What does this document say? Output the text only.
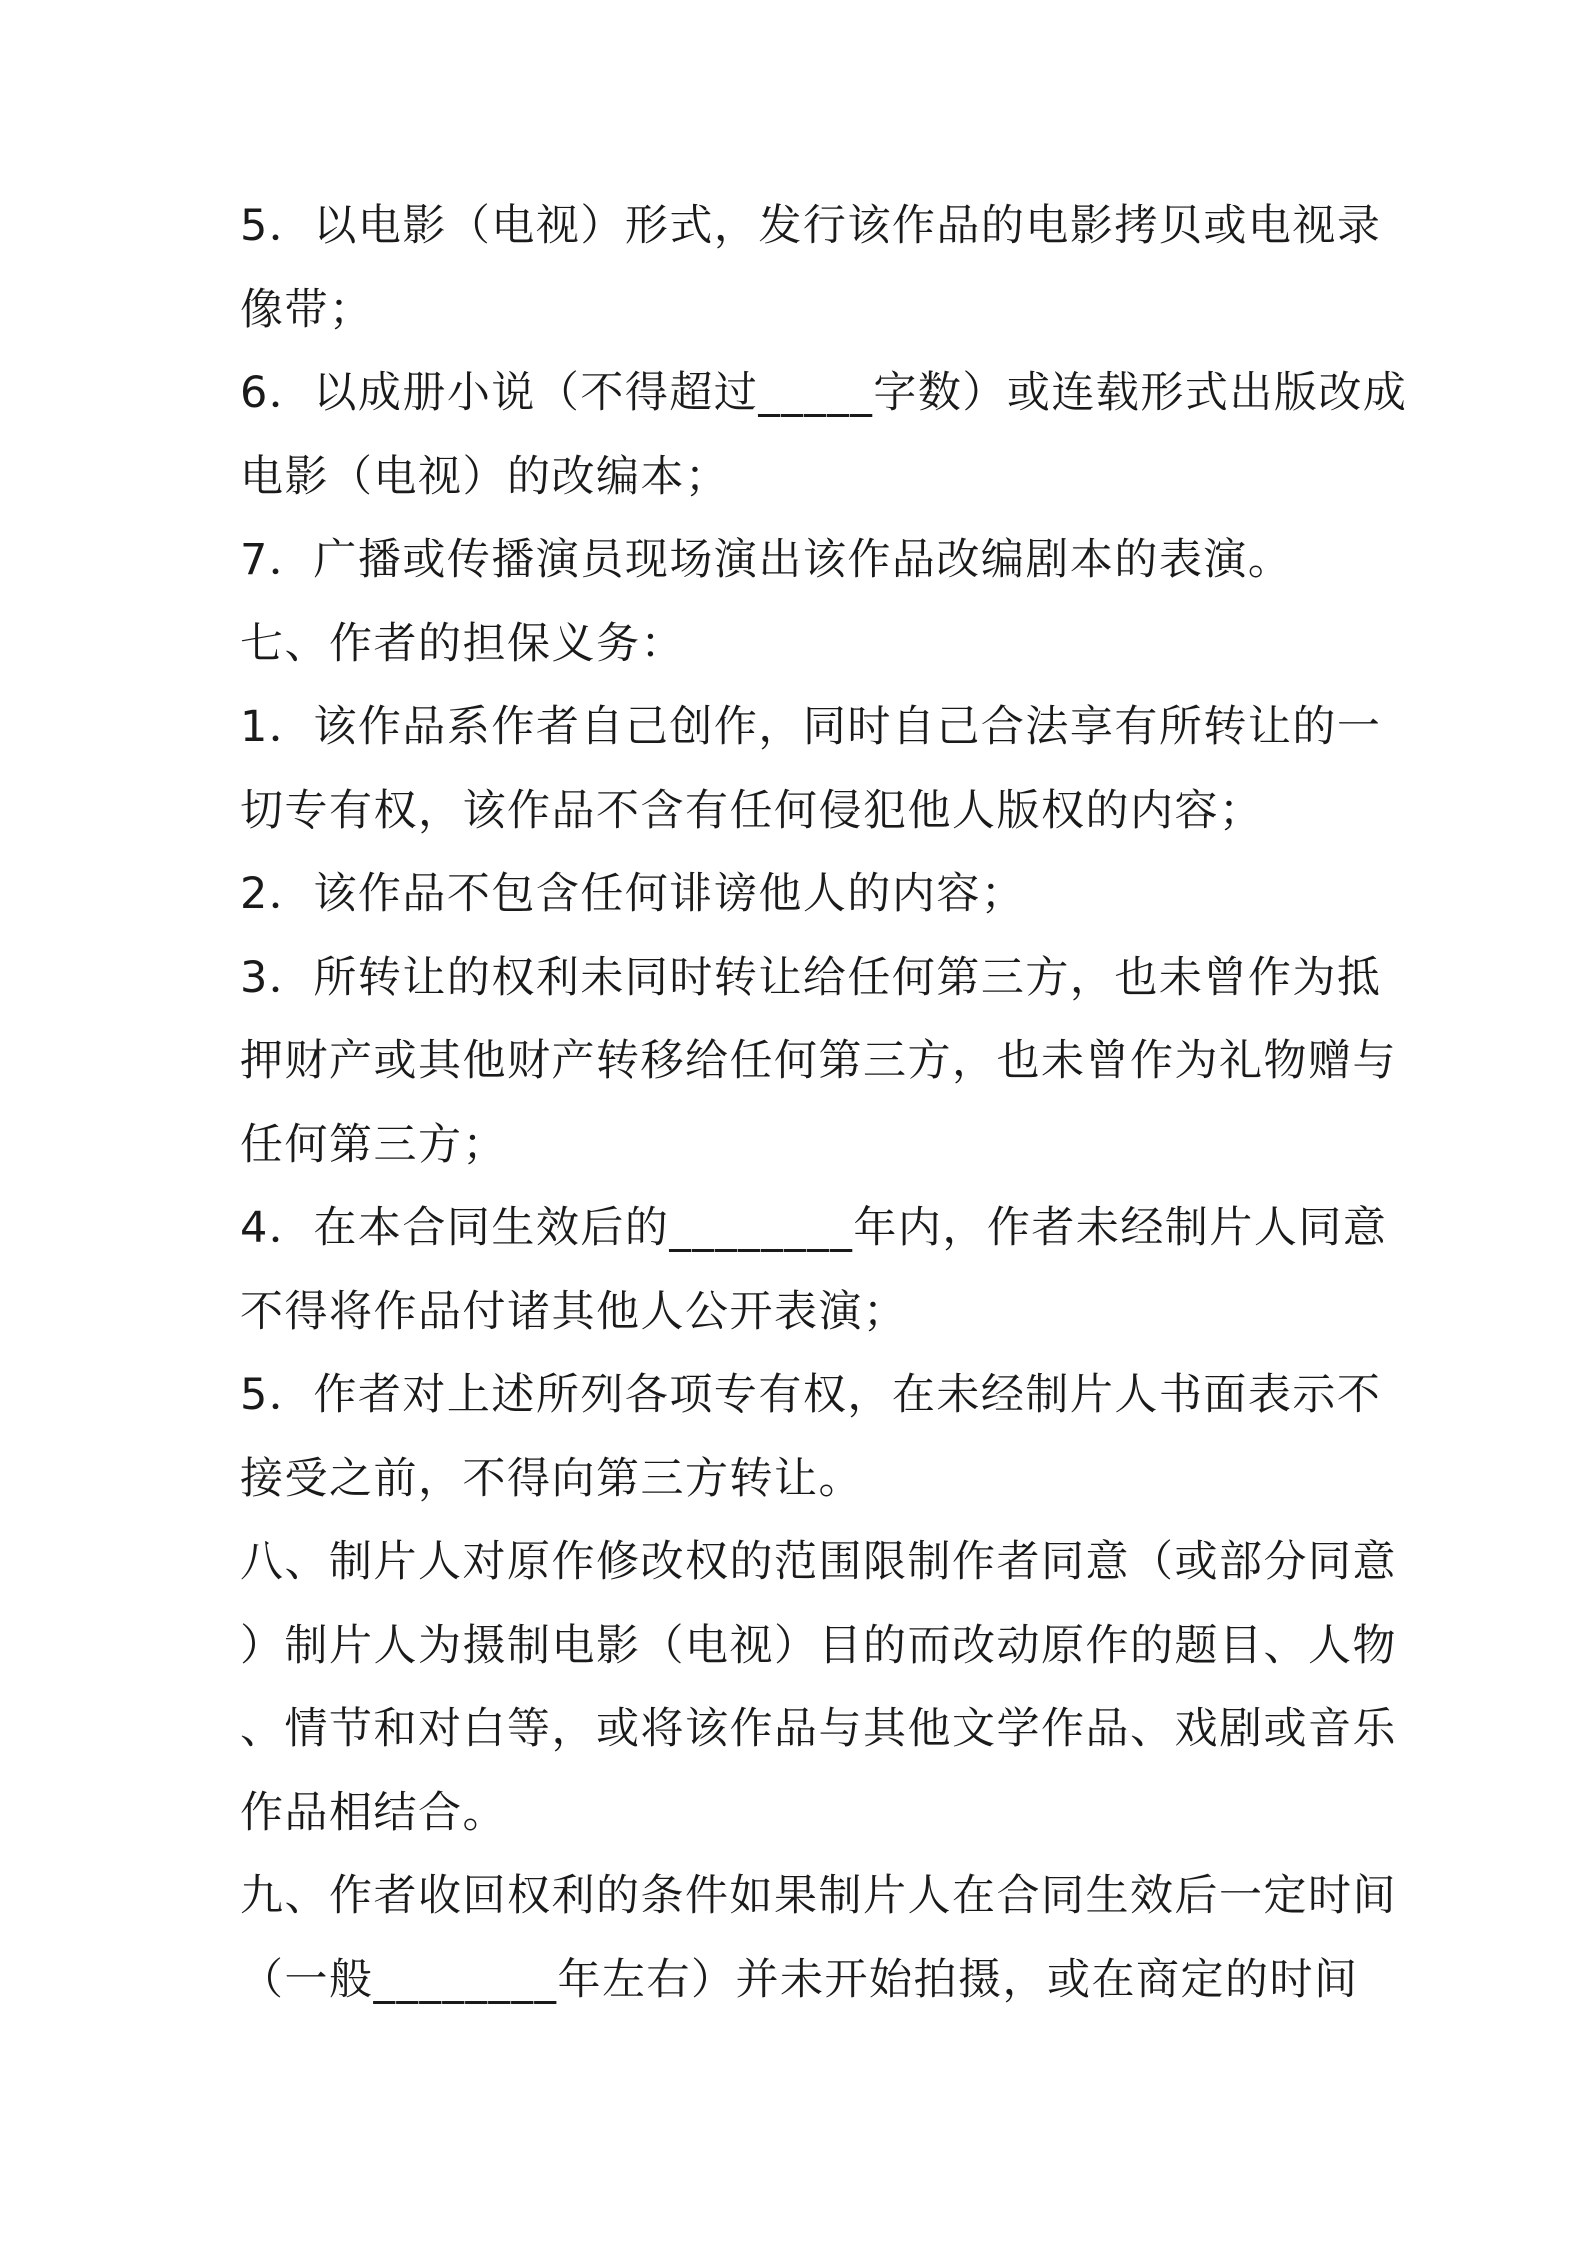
5．以电影（电视）形式，发行该作品的电影拷贝或电视录
像带；
6．以成册小说（不得超过_____字数）或连载形式出版改成
电影（电视）的改编本；
7．广播或传播演员现场演出该作品改编剧本的表演。
七、作者的担保义务：
1．该作品系作者自己创作，同时自己合法享有所转让的一
切专有权，该作品不含有任何侵犯他人版权的内容；
2．该作品不包含任何诽谤他人的内容；
3．所转让的权利未同时转让给任何第三方，也未曾作为抵
押财产或其他财产转移给任何第三方，也未曾作为礼物赠与
任何第三方；
4．在本合同生效后的________年内，作者未经制片人同意
不得将作品付诸其他人公开表演；
5．作者对上述所列各项专有权，在未经制片人书面表示不
接受之前，不得向第三方转让。
八、制片人对原作修改权的范围限制作者同意（或部分同意
）制片人为摄制电影（电视）目的而改动原作的题目、人物
、情节和对白等，或将该作品与其他文学作品、戏剧或音乐
作品相结合。
九、作者收回权利的条件如果制片人在合同生效后一定时间
（一般________年左右）并未开始拍摄，或在商定的时间
